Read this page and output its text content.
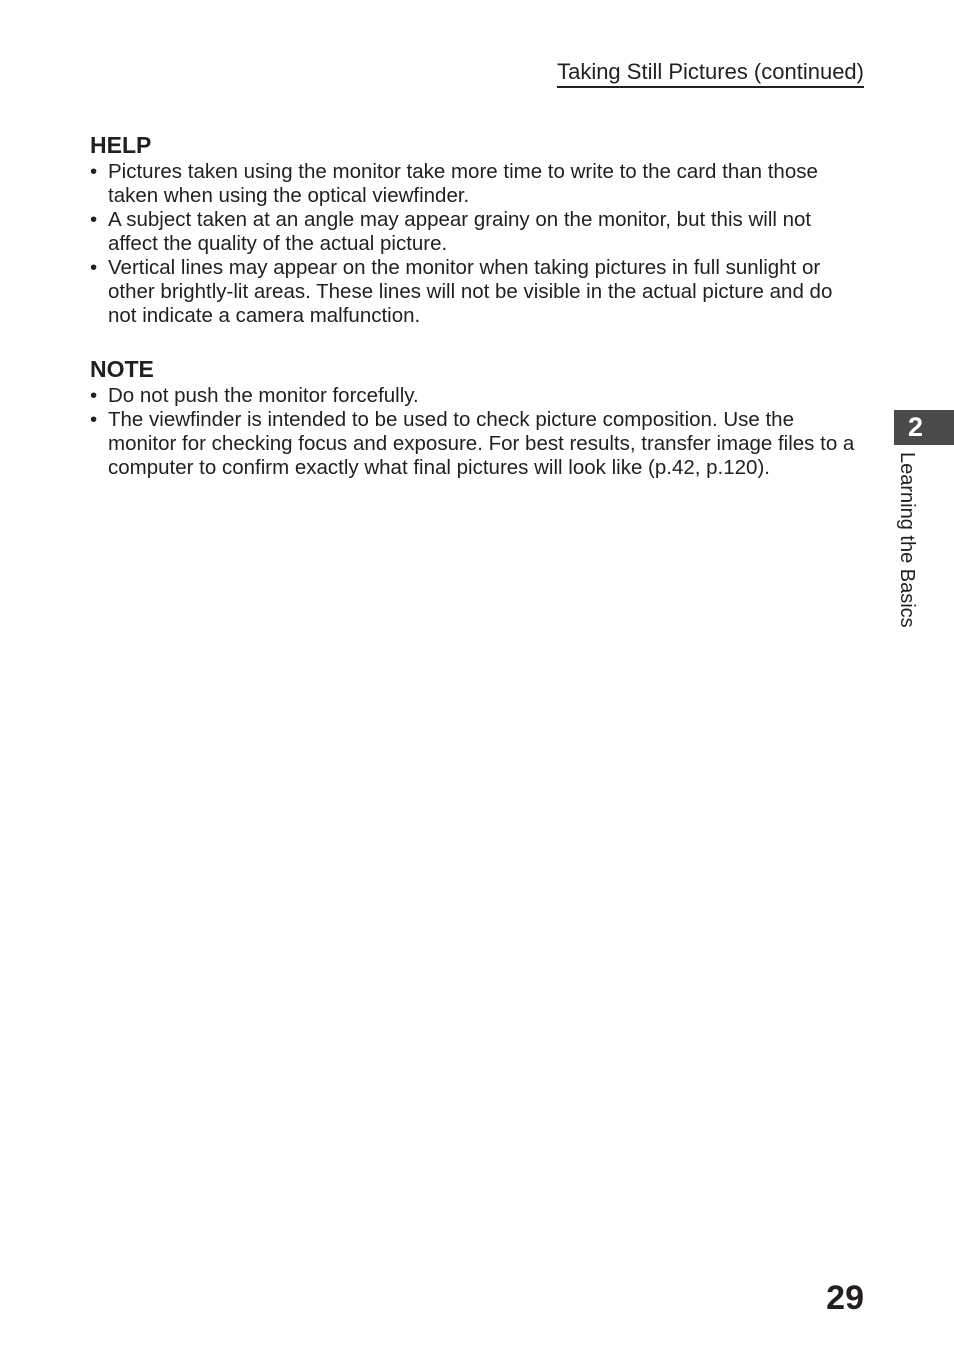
Taking Still Pictures (continued)
HELP
• Pictures taken using the monitor take more time to write to the card than those taken when using the optical viewfinder.
• A subject taken at an angle may appear grainy on the monitor, but this will not affect the quality of the actual picture.
• Vertical lines may appear on the monitor when taking pictures in full sunlight or other brightly-lit areas. These lines will not be visible in the actual picture and do not indicate a camera malfunction.
NOTE
• Do not push the monitor forcefully.
• The viewfinder is intended to be used to check picture composition. Use the monitor for checking focus and exposure. For best results, transfer image files to a computer to confirm exactly what final pictures will look like (p.42, p.120).
2
Learning the Basics
29
